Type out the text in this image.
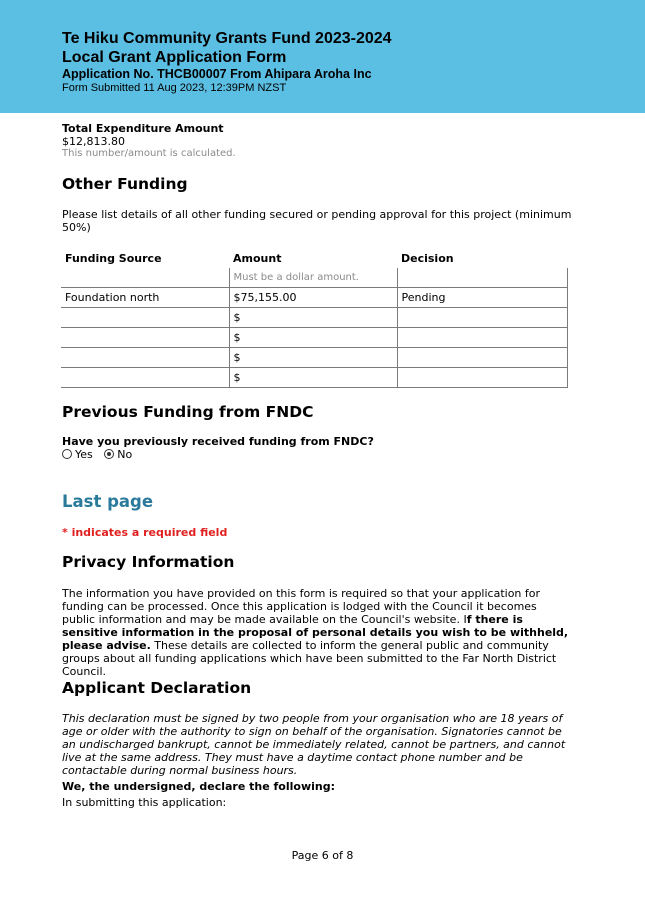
Te Hiku Community Grants Fund 2023-2024
Local Grant Application Form
Application No. THCB00007 From Ahipara Aroha Inc
Form Submitted 11 Aug 2023, 12:39PM NZST
Total Expenditure Amount
$12,813.80
This number/amount is calculated.
Other Funding
Please list details of all other funding secured or pending approval for this project (minimum 50%)
Funding Source	Amount	Decision
	Must be a dollar amount.	
Foundation north	$75,155.00	Pending
	$	
	$	
	$	
	$	
Previous Funding from FNDC
Have you previously received funding from FNDC?
Yes No
Last page
* indicates a required field
Privacy Information
The information you have provided on this form is required so that your application for funding can be processed. Once this application is lodged with the Council it becomes public information and may be made available on the Council's website. If there is sensitive information in the proposal of personal details you wish to be withheld, please advise. These details are collected to inform the general public and community groups about all funding applications which have been submitted to the Far North District Council.
Applicant Declaration
This declaration must be signed by two people from your organisation who are 18 years of age or older with the authority to sign on behalf of the organisation. Signatories cannot be an undischarged bankrupt, cannot be immediately related, cannot be partners, and cannot live at the same address. They must have a daytime contact phone number and be contactable during normal business hours.
We, the undersigned, declare the following:
In submitting this application:
Page 6 of 8
